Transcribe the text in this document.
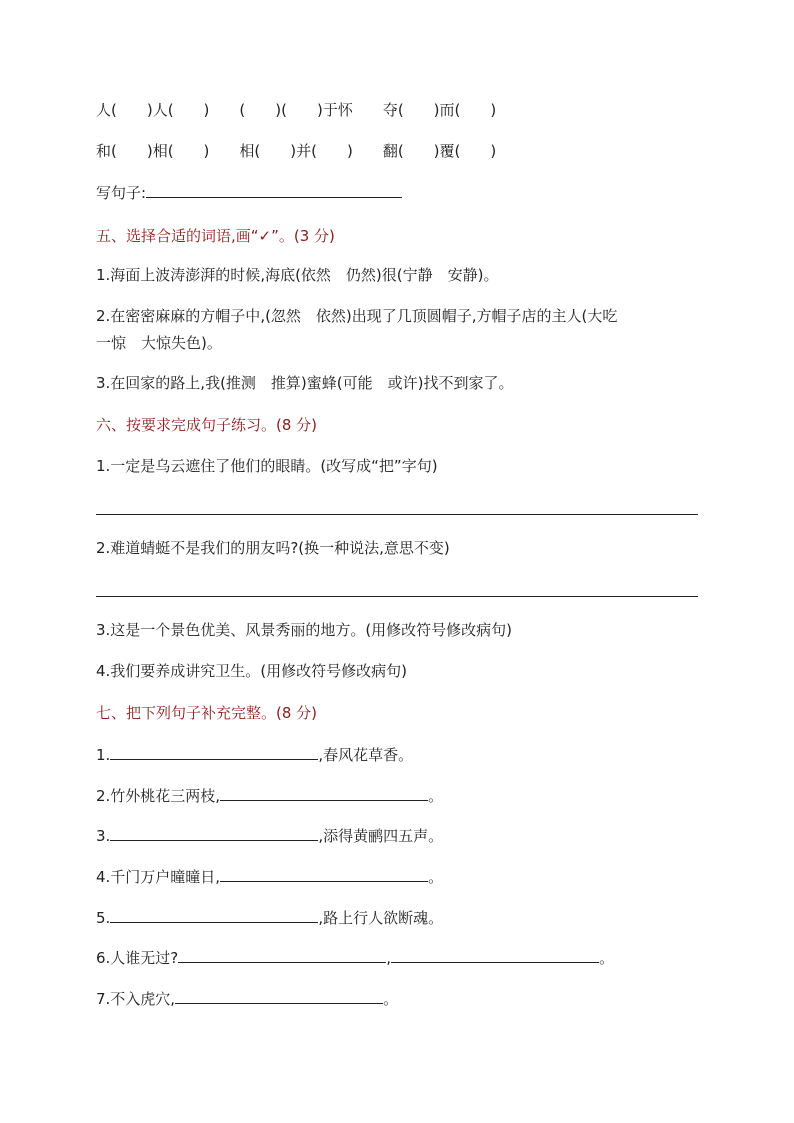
人(　　)人(　　)　　(　　)(　　)于怀　　夺(　　)而(　　)
和(　　)相(　　)　　相(　　)并(　　)　　翻(　　)覆(　　)
写句子:
五、选择合适的词语,画“✓”。(3 分)
1.海面上波涛澎湃的时候,海底(依然　仍然)很(宁静　安静)。
2.在密密麻麻的方帽子中,(忽然　依然)出现了几顶圆帽子,方帽子店的主人(大吃
一惊　大惊失色)。
3.在回家的路上,我(推测　推算)蜜蜂(可能　或许)找不到家了。
六、按要求完成句子练习。(8 分)
1.一定是乌云遮住了他们的眼睛。(改写成“把”字句)
2.难道蜻蜓不是我们的朋友吗?(换一种说法,意思不变)
3.这是一个景色优美、风景秀丽的地方。(用修改符号修改病句)
4.我们要养成讲究卫生。(用修改符号修改病句)
七、把下列句子补充完整。(8 分)
1.	,春风花草香。
2.竹外桃花三两枝,	。
3.	,添得黄鹂四五声。
4.千门万户曈曈日,	。
5.	,路上行人欲断魂。
6.人谁无过?	,	。
7.不入虎穴,	。
